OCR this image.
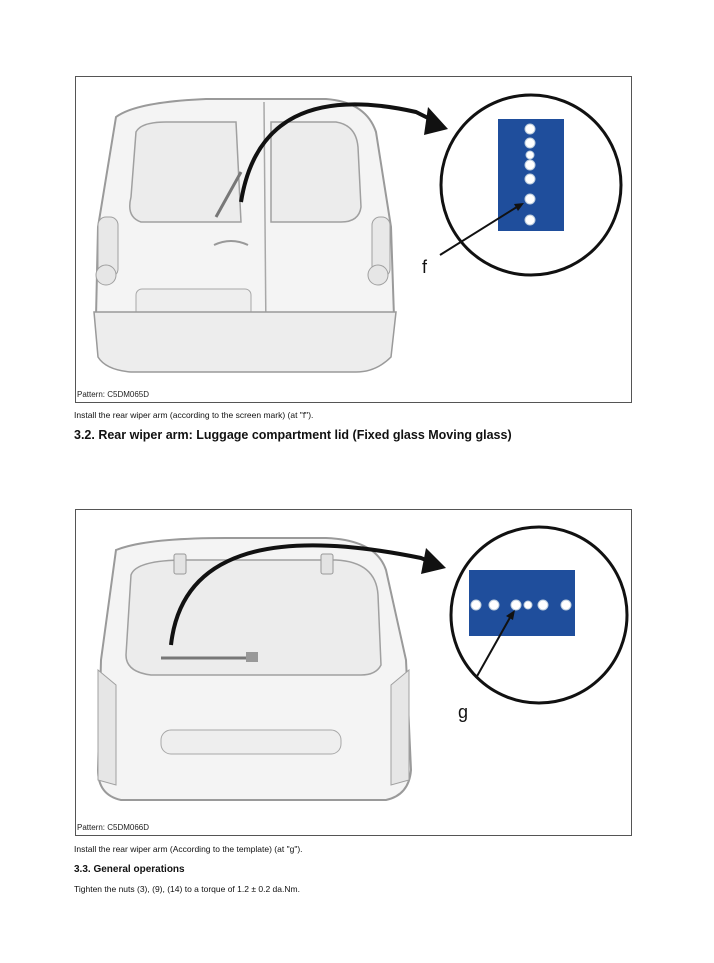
f
Pattern: C5DM065D
Install the rear wiper arm (according to the screen mark) (at "f").
3.2. Rear wiper arm: Luggage compartment lid (Fixed glass Moving glass)
g
Pattern: C5DM066D
Install the rear wiper arm (According to the template) (at "g").
3.3. General operations
Tighten the nuts (3), (9), (14) to a torque of 1.2 ± 0.2 da.Nm.
